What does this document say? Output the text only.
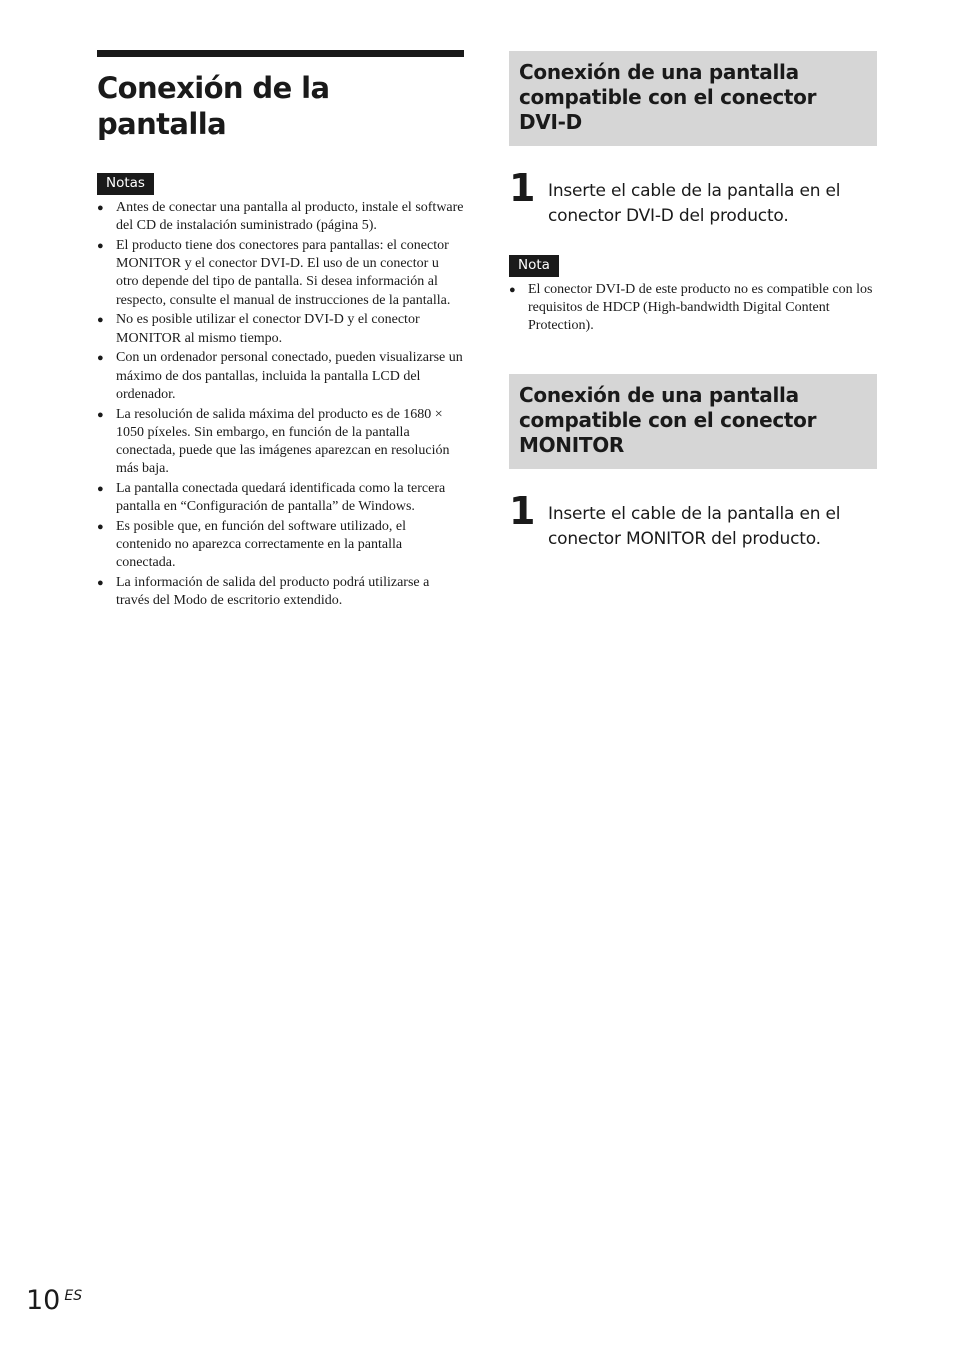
Conexión de la pantalla
Notas
● Antes de conectar una pantalla al producto, instale el software del CD de instalación suministrado (página 5).
● El producto tiene dos conectores para pantallas: el conector MONITOR y el conector DVI-D. El uso de un conector u otro depende del tipo de pantalla. Si desea información al respecto, consulte el manual de instrucciones de la pantalla.
● No es posible utilizar el conector DVI-D y el conector MONITOR al mismo tiempo.
● Con un ordenador personal conectado, pueden visualizarse un máximo de dos pantallas, incluida la pantalla LCD del ordenador.
● La resolución de salida máxima del producto es de 1680 × 1050 píxeles. Sin embargo, en función de la pantalla conectada, puede que las imágenes aparezcan en resolución más baja.
● La pantalla conectada quedará identificada como la tercera pantalla en “Configuración de pantalla” de Windows.
● Es posible que, en función del software utilizado, el contenido no aparezca correctamente en la pantalla conectada.
● La información de salida del producto podrá utilizarse a través del Modo de escritorio extendido.
Conexión de una pantalla compatible con el conector DVI-D
1 Inserte el cable de la pantalla en el conector DVI-D del producto.
Nota
● El conector DVI-D de este producto no es compatible con los requisitos de HDCP (High-bandwidth Digital Content Protection).
Conexión de una pantalla compatible con el conector MONITOR
1 Inserte el cable de la pantalla en el conector MONITOR del producto.
10 ES
